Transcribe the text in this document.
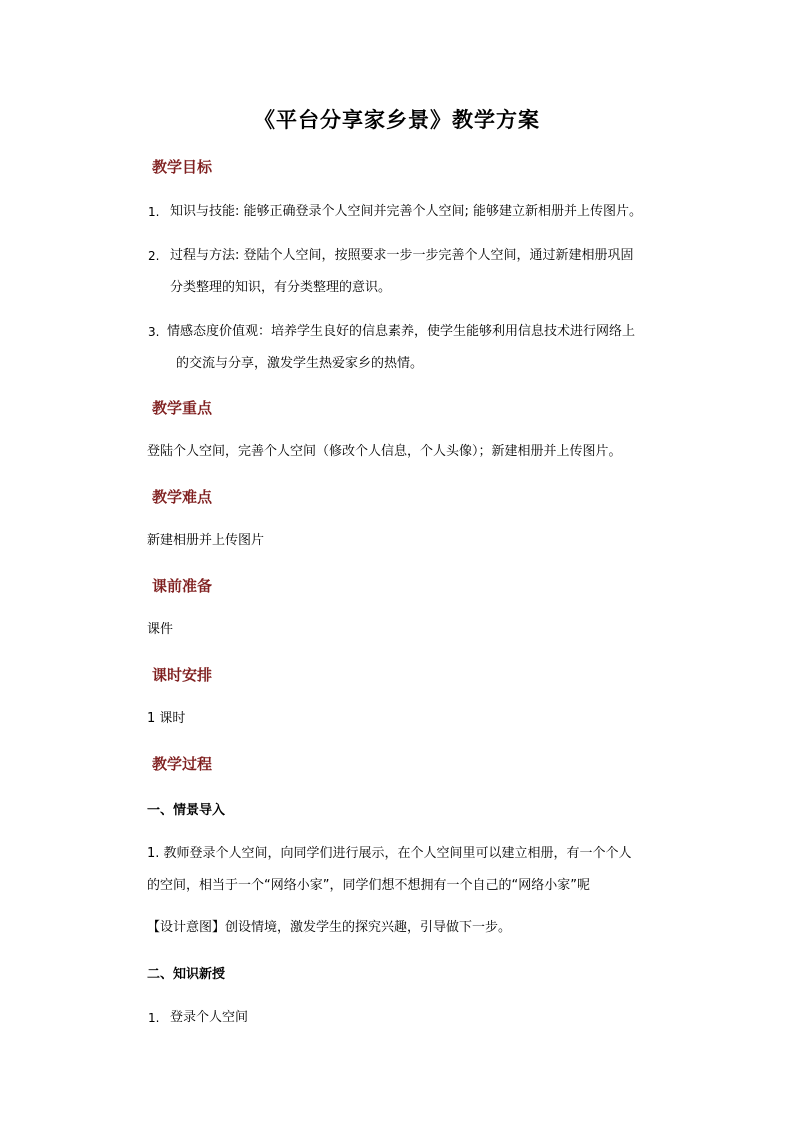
《平台分享家乡景》教学方案
教学目标
1. 知识与技能: 能够正确登录个人空间并完善个人空间; 能够建立新相册并上传图片。
2. 过程与方法: 登陆个人空间，按照要求一步一步完善个人空间，通过新建相册巩固
分类整理的知识，有分类整理的意识。
3. 情感态度价值观：培养学生良好的信息素养，使学生能够利用信息技术进行网络上
的交流与分享，激发学生热爱家乡的热情。
教学重点
登陆个人空间，完善个人空间（修改个人信息，个人头像）；新建相册并上传图片。
教学难点
新建相册并上传图片
课前准备
课件
课时安排
1 课时
教学过程
一、情景导入
1. 教师登录个人空间，向同学们进行展示，在个人空间里可以建立相册，有一个个人
的空间，相当于一个“网络小家”，同学们想不想拥有一个自己的“网络小家”呢
【设计意图】创设情境，激发学生的探究兴趣，引导做下一步。
二、知识新授
1. 登录个人空间
